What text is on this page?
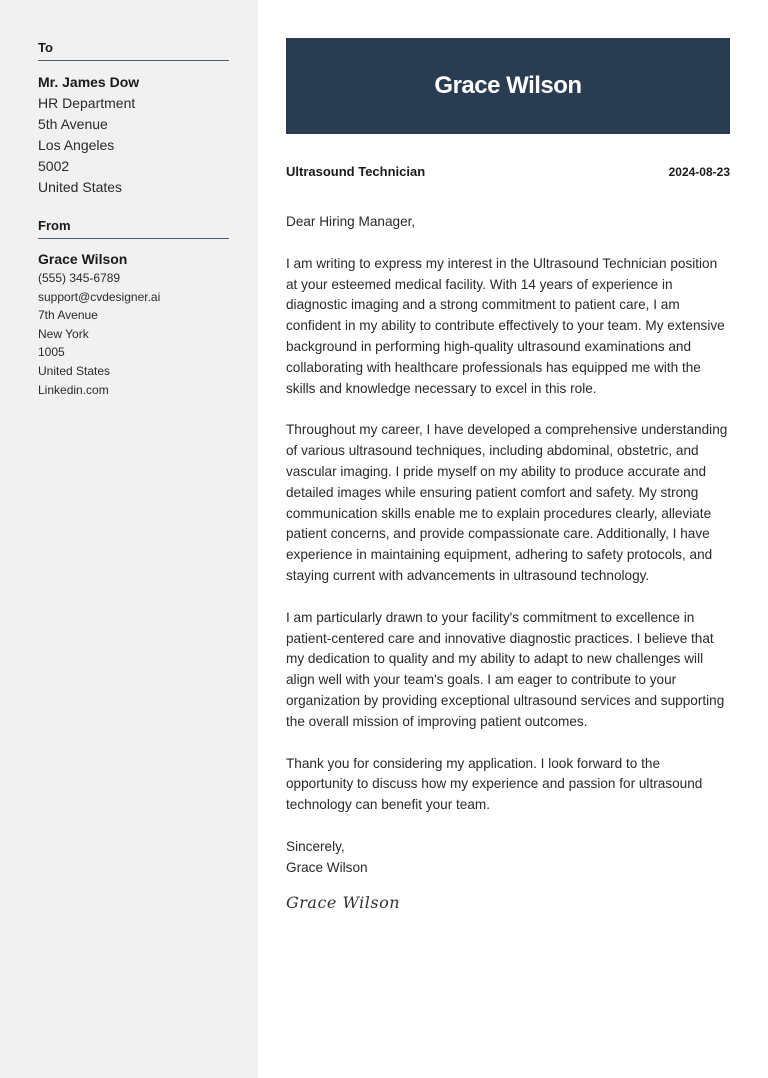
To
Mr. James Dow
HR Department
5th Avenue
Los Angeles
5002
United States
From
Grace Wilson
(555) 345-6789
support@cvdesigner.ai
7th Avenue
New York
1005
United States
Linkedin.com
Grace Wilson
Ultrasound Technician	2024-08-23

Dear Hiring Manager,

I am writing to express my interest in the Ultrasound Technician position at your esteemed medical facility. With 14 years of experience in diagnostic imaging and a strong commitment to patient care, I am confident in my ability to contribute effectively to your team. My extensive background in performing high-quality ultrasound examinations and collaborating with healthcare professionals has equipped me with the skills and knowledge necessary to excel in this role.

Throughout my career, I have developed a comprehensive understanding of various ultrasound techniques, including abdominal, obstetric, and vascular imaging. I pride myself on my ability to produce accurate and detailed images while ensuring patient comfort and safety. My strong communication skills enable me to explain procedures clearly, alleviate patient concerns, and provide compassionate care. Additionally, I have experience in maintaining equipment, adhering to safety protocols, and staying current with advancements in ultrasound technology.

I am particularly drawn to your facility's commitment to excellence in patient-centered care and innovative diagnostic practices. I believe that my dedication to quality and my ability to adapt to new challenges will align well with your team's goals. I am eager to contribute to your organization by providing exceptional ultrasound services and supporting the overall mission of improving patient outcomes.

Thank you for considering my application. I look forward to the opportunity to discuss how my experience and passion for ultrasound technology can benefit your team.

Sincerely,
Grace Wilson
Grace Wilson
